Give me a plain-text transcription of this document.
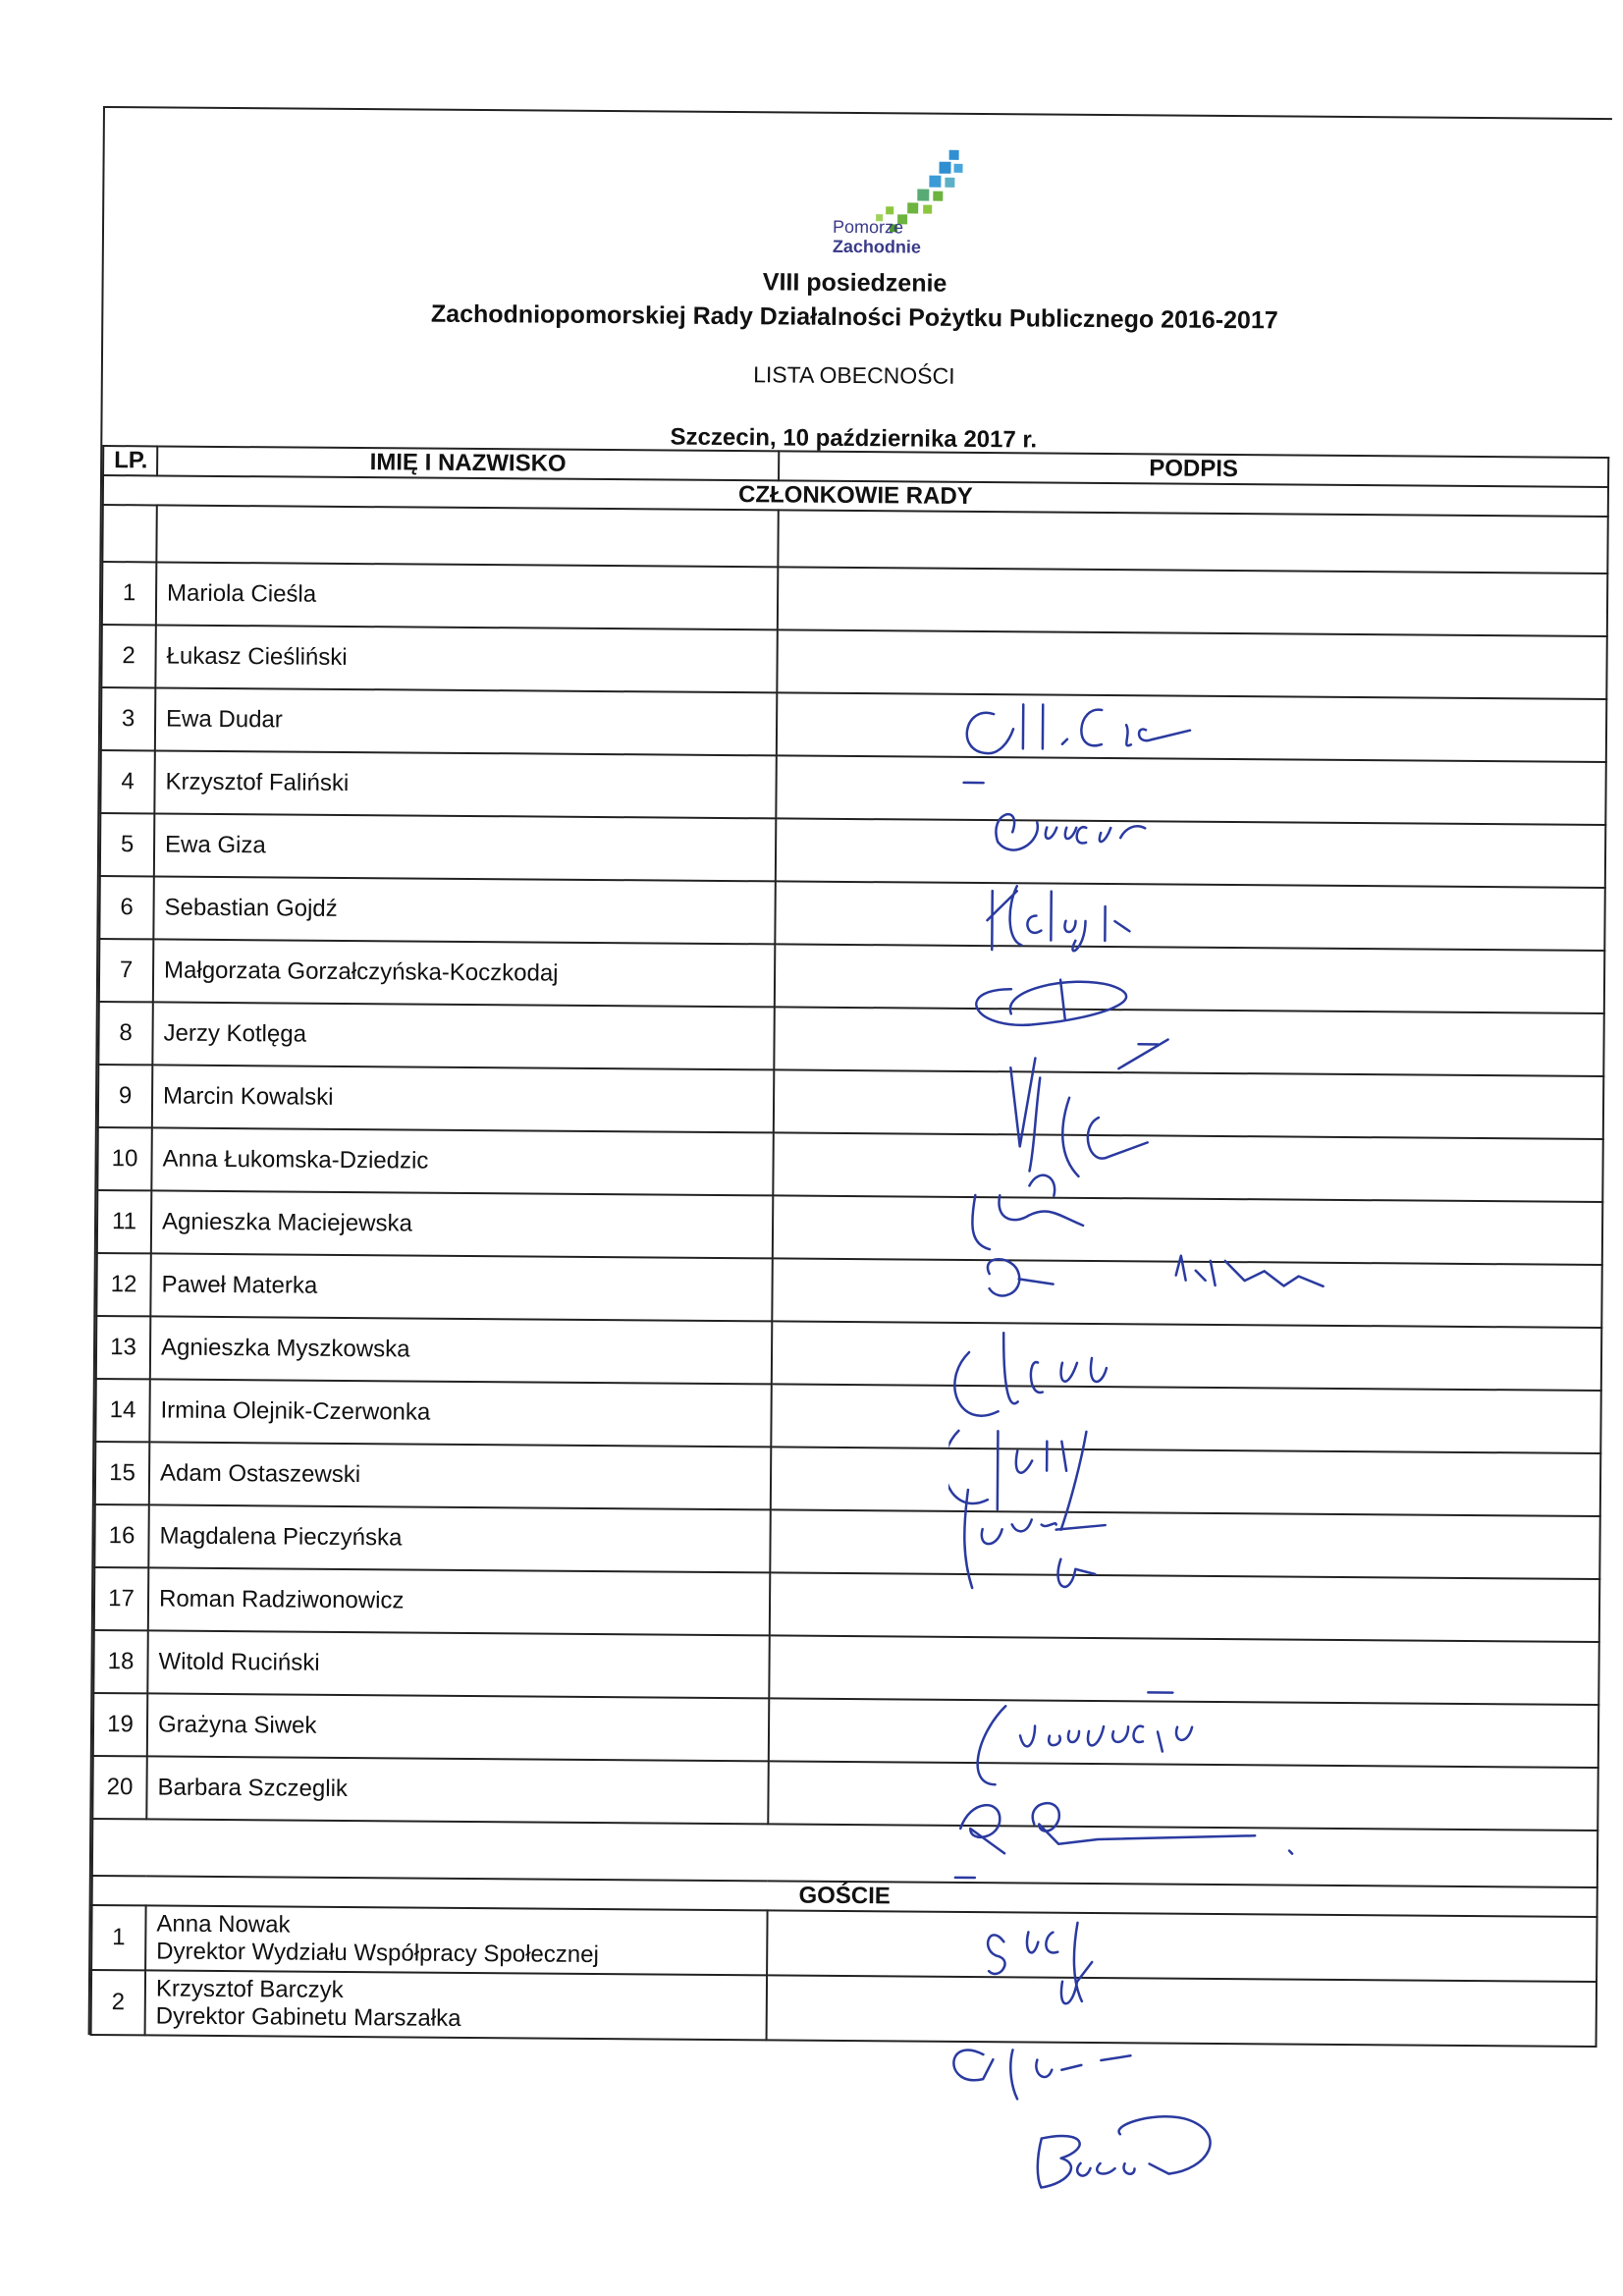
Pomorze
Zachodnie
VIII posiedzenie
Zachodniopomorskiej Rady Działalności Pożytku Publicznego 2016-2017
LISTA OBECNOŚCI
Szczecin, 10 października 2017 r.
LP.	IMIĘ I NAZWISKO	PODPIS
CZŁONKOWIE RADY		

1	Mariola Cieśla	
2	Łukasz Cieśliński	
3	Ewa Dudar	
4	Krzysztof Faliński	
5	Ewa Giza	
6	Sebastian Gojdź	
7	Małgorzata Gorzałczyńska-Koczkodaj	
8	Jerzy Kotlęga	
9	Marcin Kowalski	
10	Anna Łukomska-Dziedzic	
11	Agnieszka Maciejewska	
12	Paweł Materka	
13	Agnieszka Myszkowska	
14	Irmina Olejnik-Czerwonka	
15	Adam Ostaszewski	
16	Magdalena Pieczyńska	
17	Roman Radziwonowicz	
18	Witold Ruciński	
19	Grażyna Siwek	
20	Barbara Szczeglik	

GOŚCIE		
1	Anna Nowak
Dyrektor Wydziału Współpracy Społecznej	

2	Krzysztof Barczyk
Dyrektor Gabinetu Marszałka	
